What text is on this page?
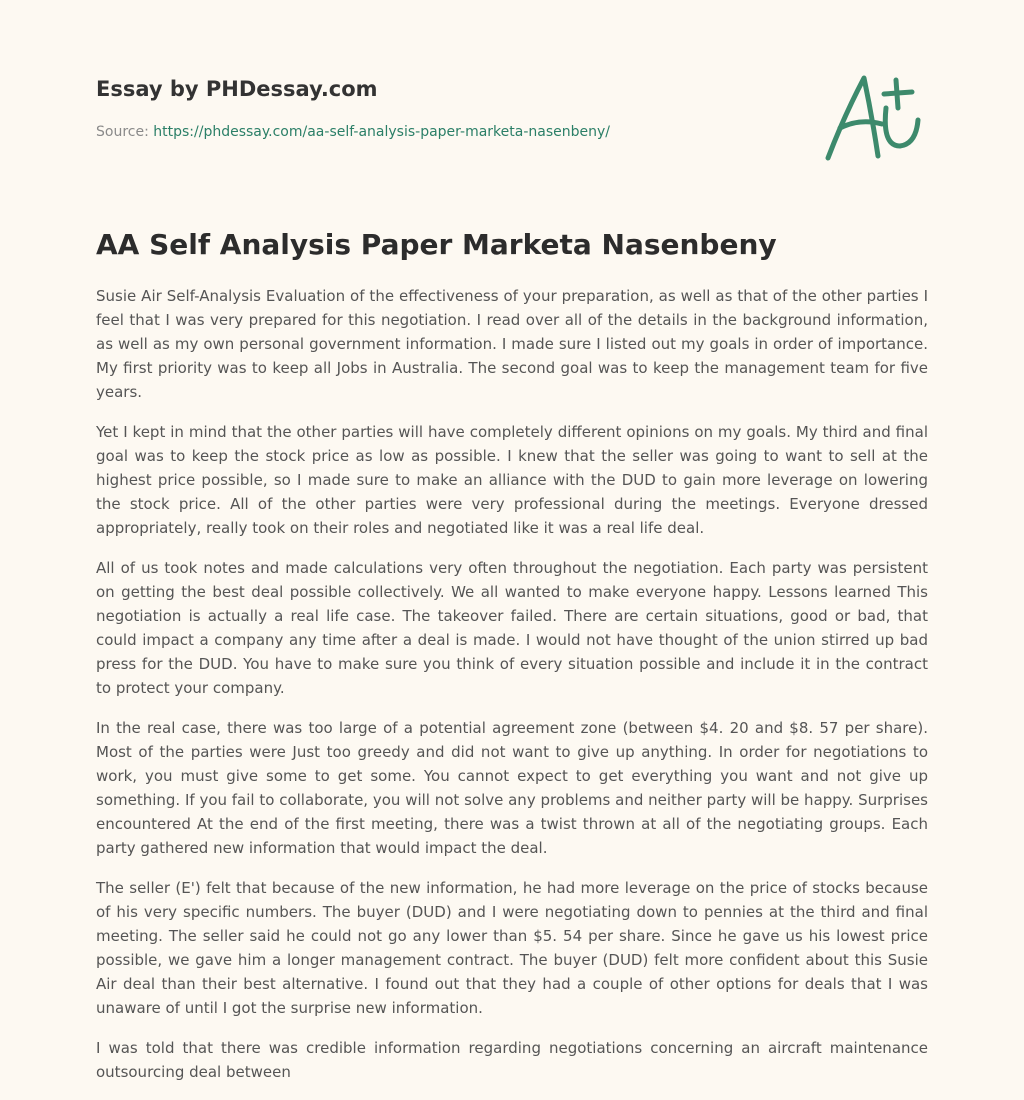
Essay by PHDessay.com

Source: https://phdessay.com/aa-self-analysis-paper-marketa-nasenbeny/
AA Self Analysis Paper Marketa Nasenbeny

Susie Air Self-Analysis Evaluation of the effectiveness of your preparation, as well as that of the other parties I feel that I was very prepared for this negotiation. I read over all of the details in the background information, as well as my own personal government information. I made sure I listed out my goals in order of importance. My first priority was to keep all Jobs in Australia. The second goal was to keep the management team for five years.

Yet I kept in mind that the other parties will have completely different opinions on my goals. My third and final goal was to keep the stock price as low as possible. I knew that the seller was going to want to sell at the highest price possible, so I made sure to make an alliance with the DUD to gain more leverage on lowering the stock price. All of the other parties were very professional during the meetings. Everyone dressed appropriately, really took on their roles and negotiated like it was a real life deal.

All of us took notes and made calculations very often throughout the negotiation. Each party was persistent on getting the best deal possible collectively. We all wanted to make everyone happy. Lessons learned This negotiation is actually a real life case. The takeover failed. There are certain situations, good or bad, that could impact a company any time after a deal is made. I would not have thought of the union stirred up bad press for the DUD. You have to make sure you think of every situation possible and include it in the contract to protect your company.

In the real case, there was too large of a potential agreement zone (between $4. 20 and $8. 57 per share). Most of the parties were Just too greedy and did not want to give up anything. In order for negotiations to work, you must give some to get some. You cannot expect to get everything you want and not give up something. If you fail to collaborate, you will not solve any problems and neither party will be happy. Surprises encountered At the end of the first meeting, there was a twist thrown at all of the negotiating groups. Each party gathered new information that would impact the deal.

The seller (E') felt that because of the new information, he had more leverage on the price of stocks because of his very specific numbers. The buyer (DUD) and I were negotiating down to pennies at the third and final meeting. The seller said he could not go any lower than $5. 54 per share. Since he gave us his lowest price possible, we gave him a longer management contract. The buyer (DUD) felt more confident about this Susie Air deal than their best alternative. I found out that they had a couple of other options for deals that I was unaware of until I got the surprise new information.

I was told that there was credible information regarding negotiations concerning an aircraft maintenance outsourcing deal between
